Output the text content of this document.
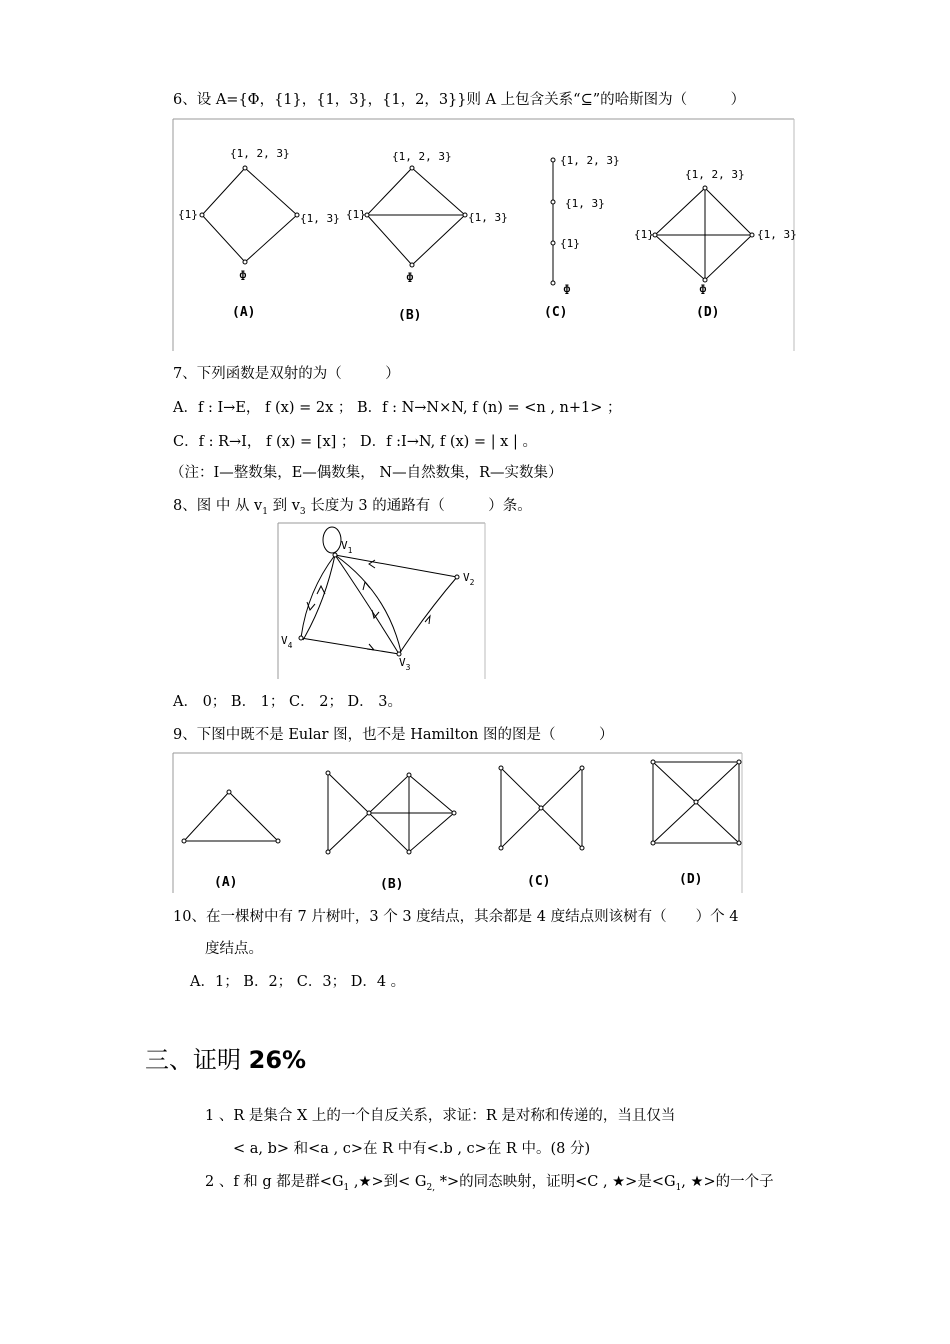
6、设 A={Φ，{1}，{1，3}，{1，2，3}}则 A 上包含关系“⊆”的哈斯图为（　　　）
{1, 2, 3}
{1}	{1, 3}
Φ
(A)
{1, 2, 3}
{1}	{1, 3}
Φ
(B)
{1, 2, 3}
{1, 3}
{1}
Φ
(C)
{1, 2, 3}
{1}	{1, 3}
Φ
(D)
7、下列函数是双射的为（　　　）
A．f : I→E， f (x) = 2x ； B．f : N→N×N, f (n) = <n , n+1> ；
C．f : R→I， f (x) = [x] ； D．f :I→N, f (x) = | x | 。
（注：I—整数集，E—偶数集， N—自然数集，R—实数集）
8、图 中 从 $v_1$ 到 $v_3$ 长度为 3 的通路有（　　　）条。
$V_1$
$V_2$
$V_3$
$V_4$
A． 0； B． 1； C． 2； D． 3。
9、下图中既不是 Eular 图，也不是 Hamilton 图的图是（　　　）
(A)	(B)	(C)	(D)
10、在一棵树中有 7 片树叶，3 个 3 度结点，其余都是 4 度结点则该树有（　　）个 4
度结点。
A．1； B．2； C．3； D．4 。
三、证明 26%
1 、R 是集合 X 上的一个自反关系，求证：R 是对称和传递的，当且仅当
< a, b> 和<a , c>在 R 中有<.b , c>在 R 中。(8 分)
2 、f 和 g 都是群$<G_1$ ,★>到< $G_{2,}$ *>的同态映射，证明<C , ★>是$<G_1$, ★>的一个子
